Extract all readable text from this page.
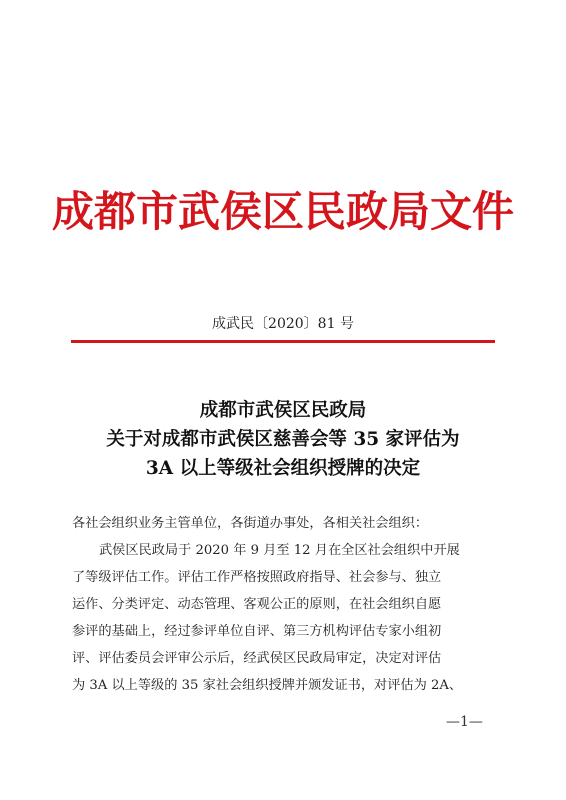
成都市武侯区民政局文件
成武民〔2020〕81 号
成都市武侯区民政局
关于对成都市武侯区慈善会等 35 家评估为
3A 以上等级社会组织授牌的决定

各社会组织业务主管单位，各街道办事处，各相关社会组织：

武侯区民政局于 2020 年 9 月至 12 月在全区社会组织中开展

了等级评估工作。评估工作严格按照政府指导、社会参与、独立

运作、分类评定、动态管理、客观公正的原则，在社会组织自愿

参评的基础上，经过参评单位自评、第三方机构评估专家小组初

评、评估委员会评审公示后，经武侯区民政局审定，决定对评估

为 3A 以上等级的 35 家社会组织授牌并颁发证书，对评估为 2A、

—1—
